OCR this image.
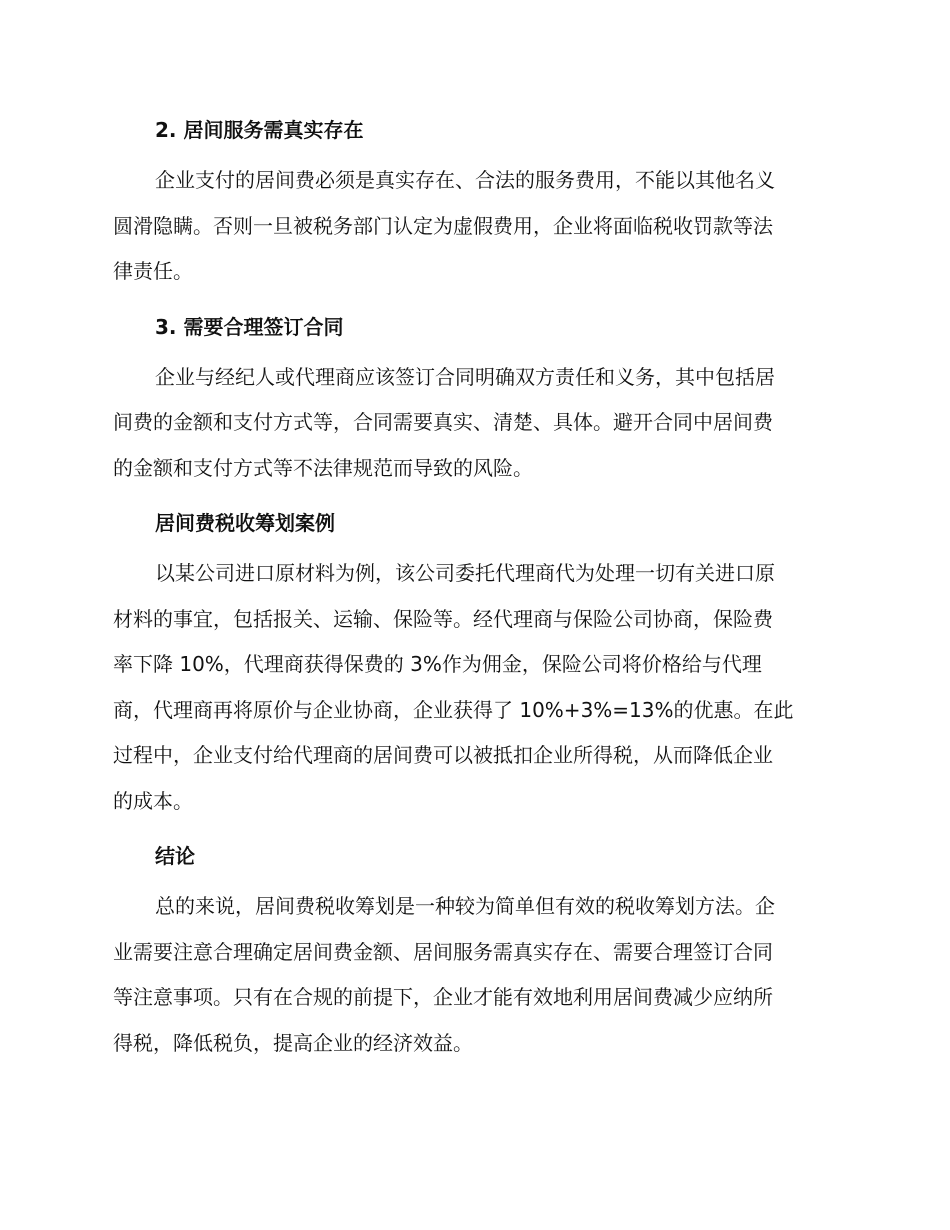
2. 居间服务需真实存在
企业支付的居间费必须是真实存在、合法的服务费用，不能以其他名义
圆滑隐瞒。否则一旦被税务部门认定为虚假费用，企业将面临税收罚款等法
律责任。
3. 需要合理签订合同
企业与经纪人或代理商应该签订合同明确双方责任和义务，其中包括居
间费的金额和支付方式等，合同需要真实、清楚、具体。避开合同中居间费
的金额和支付方式等不法律规范而导致的风险。
居间费税收筹划案例
以某公司进口原材料为例，该公司委托代理商代为处理一切有关进口原
材料的事宜，包括报关、运输、保险等。经代理商与保险公司协商，保险费
率下降 10%，代理商获得保费的 3%作为佣金，保险公司将价格给与代理
商，代理商再将原价与企业协商，企业获得了 10%+3%=13%的优惠。在此
过程中，企业支付给代理商的居间费可以被抵扣企业所得税，从而降低企业
的成本。
结论
总的来说，居间费税收筹划是一种较为简单但有效的税收筹划方法。企
业需要注意合理确定居间费金额、居间服务需真实存在、需要合理签订合同
等注意事项。只有在合规的前提下，企业才能有效地利用居间费减少应纳所
得税，降低税负，提高企业的经济效益。
